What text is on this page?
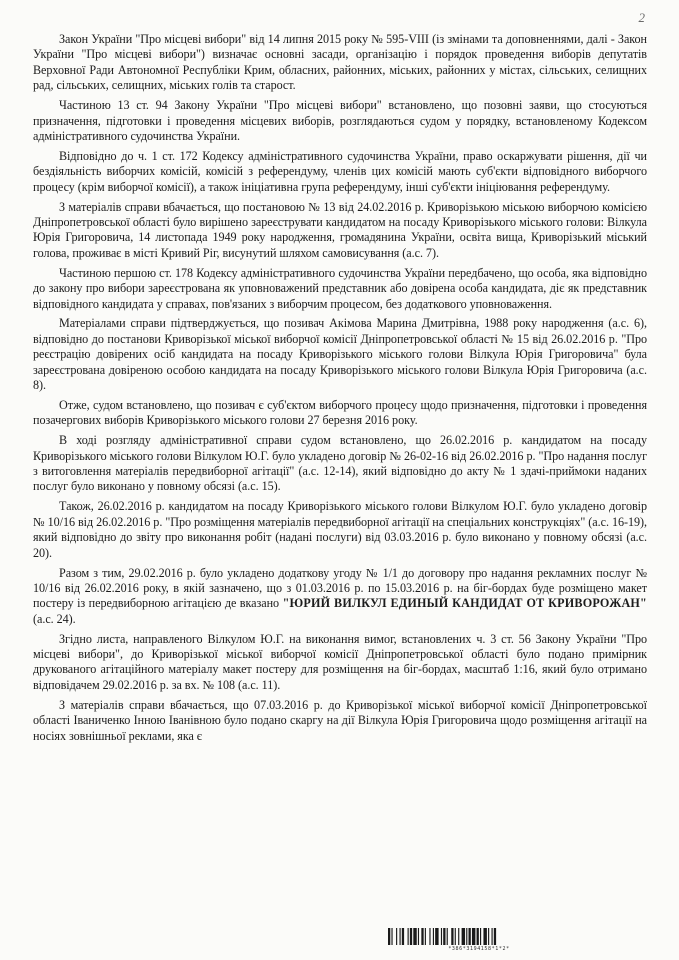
2

Закон України "Про місцеві вибори" від 14 липня 2015 року № 595-VIII (із змінами та доповненнями, далі - Закон України "Про місцеві вибори") визначає основні засади, організацію і порядок проведення виборів депутатів Верховної Ради Автономної Республіки Крим, обласних, районних, міських, районних у містах, сільських, селищних рад, сільських, селищних, міських голів та старост.

Частиною 13 ст. 94 Закону України "Про місцеві вибори" встановлено, що позовні заяви, що стосуються призначення, підготовки і проведення місцевих виборів, розглядаються судом у порядку, встановленому Кодексом адміністративного судочинства України.

Відповідно до ч. 1 ст. 172 Кодексу адміністративного судочинства України, право оскаржувати рішення, дії чи бездіяльність виборчих комісій, комісій з референдуму, членів цих комісій мають суб'єкти відповідного виборчого процесу (крім виборчої комісії), а також ініціативна група референдуму, інші суб'єкти ініціювання референдуму.

З матеріалів справи вбачається, що постановою № 13 від 24.02.2016 р. Криворізькою міською виборчою комісією Дніпропетровської області було вирішено зареєструвати кандидатом на посаду Криворізького міського голови: Вілкула Юрія Григоровича, 14 листопада 1949 року народження, громадянина України, освіта вища, Криворізький міський голова, проживає в місті Кривий Ріг, висунутий шляхом самовисування (а.с. 7).

Частиною першою ст. 178 Кодексу адміністративного судочинства України передбачено, що особа, яка відповідно до закону про вибори зареєстрована як уповноважений представник або довірена особа кандидата, діє як представник відповідного кандидата у справах, пов'язаних з виборчим процесом, без додаткового уповноваження.

Матеріалами справи підтверджується, що позивач Акімова Марина Дмитрівна, 1988 року народження (а.с. 6), відповідно до постанови Криворізької міської виборчої комісії Дніпропетровської області № 15 від 26.02.2016 р. "Про реєстрацію довірених осіб кандидата на посаду Криворізького міського голови Вілкула Юрія Григоровича" була зареєстрована довіреною особою кандидата на посаду Криворізького міського голови Вілкула Юрія Григоровича (а.с. 8).

Отже, судом встановлено, що позивач є суб'єктом виборчого процесу щодо призначення, підготовки і проведення позачергових виборів Криворізького міського голови 27 березня 2016 року.

В ході розгляду адміністративної справи судом встановлено, що 26.02.2016 р. кандидатом на посаду Криворізького міського голови Вілкулом Ю.Г. було укладено договір № 26-02-16 від 26.02.2016 р. "Про надання послуг з витоговлення матеріалів передвиборної агітації" (а.с. 12-14), який відповідно до акту № 1 здачі-приймоки наданих послуг було виконано у повному обсязі (а.с. 15).

Також, 26.02.2016 р. кандидатом на посаду Криворізького міського голови Вілкулом Ю.Г. було укладено договір № 10/16 від 26.02.2016 р. "Про розміщення матеріалів передвиборної агітації на спеціальних конструкціях" (а.с. 16-19), який відповідно до звіту про виконання робіт (надані послуги) від 03.03.2016 р. було виконано у повному обсязі (а.с. 20).

Разом з тим, 29.02.2016 р. було укладено додаткову угоду № 1/1 до договору про надання рекламних послуг № 10/16 від 26.02.2016 року, в якій зазначено, що з 01.03.2016 р. по 15.03.2016 р. на біг-бордах буде розміщено макет постеру із передвиборною агітацією де вказано "ЮРИЙ ВИЛКУЛ ЕДИНЫЙ КАНДИДАТ ОТ КРИВОРОЖАН" (а.с. 24).

Згідно листа, направленого Вілкулом Ю.Г. на виконання вимог, встановлених ч. 3 ст. 56 Закону України "Про місцеві вибори", до Криворізької міської виборчої комісії Дніпропетровської області було подано примірник друкованого агітаційного матеріалу макет постеру для розміщення на біг-бордах, масштаб 1:16, який було отримано відповідачем 29.02.2016 р. за вх. № 108 (а.с. 11).

З матеріалів справи вбачається, що 07.03.2016 р. до Криворізької міської виборчої комісії Дніпропетровської області Іваниченко Інною Іванівною було подано скаргу на дії Вілкула Юрія Григоровича щодо розміщення агітації на носіях зовнішньої реклами, яка є

*386*3194158*1*2*
